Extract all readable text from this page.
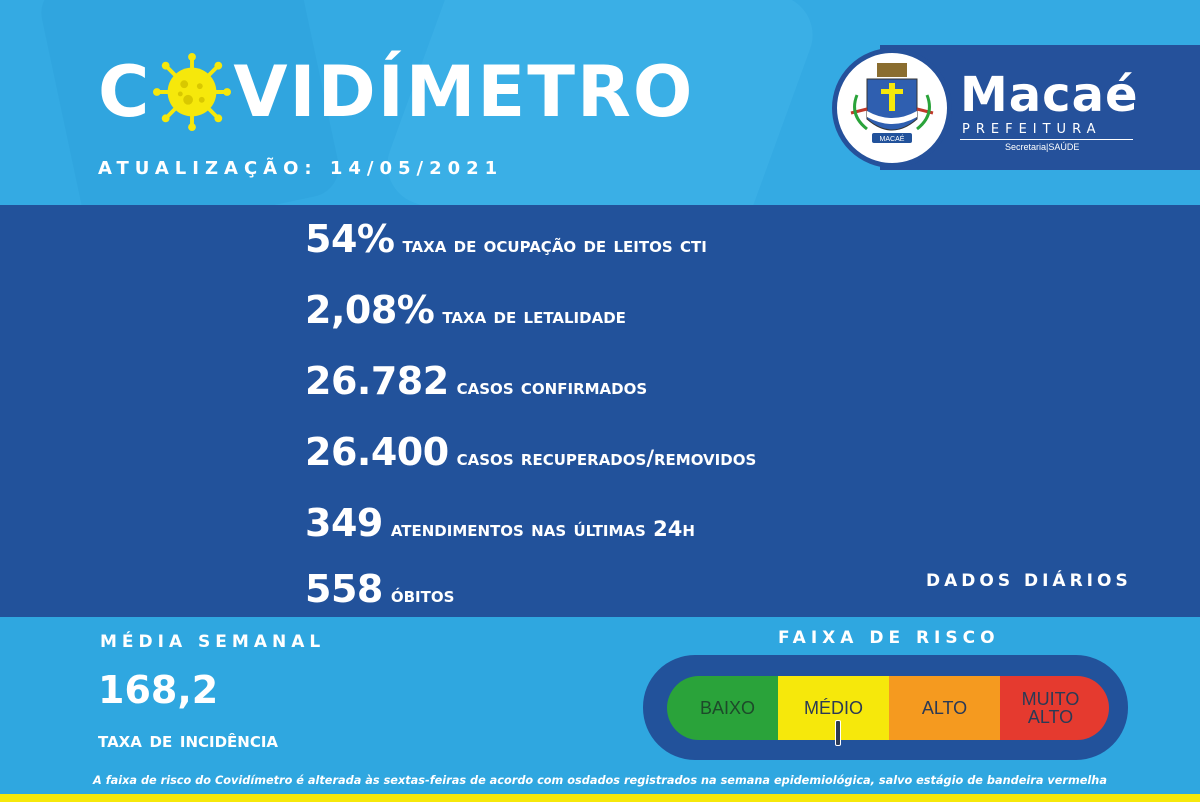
C VIDÍMETRO
ATUALIZAÇÃO: 14/05/2021
MACAÉ
Macaé
PREFEITURA
Secretaria|SAÚDE
54% taxa de ocupação de leitos cti
2,08% taxa de letalidade
26.782 casos confirmados
26.400 casos recuperados/removidos
349 atendimentos nas últimas 24h
558 óbitos
DADOS DIÁRIOS
MÉDIA SEMANAL
168,2
taxa de incidência
FAIXA DE RISCO
BAIXO	MÉDIO	ALTO	MUITO
ALTO
A faixa de risco do Covidímetro é alterada às sextas-feiras de acordo com osdados registrados na semana epidemiológica, salvo estágio de bandeira vermelha
